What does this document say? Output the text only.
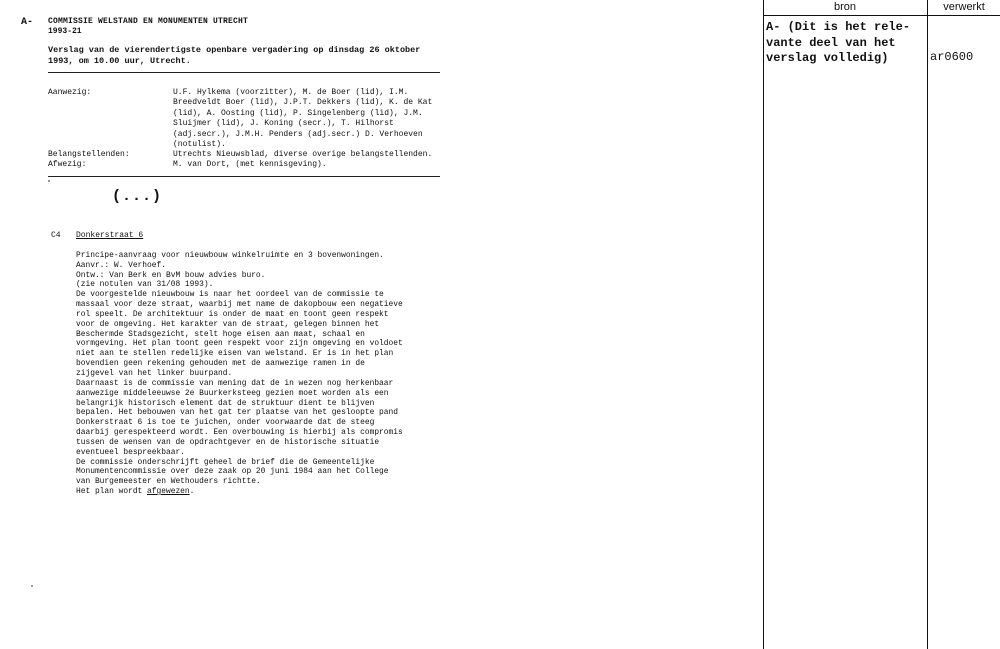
A- COMMISSIE WELSTAND EN MONUMENTEN UTRECHT
1993-21
Verslag van de vierendertigste openbare vergadering op dinsdag 26 oktober 1993, om 10.00 uur, Utrecht.
Aanwezig:	U.F. Hylkema (voorzitter), M. de Boer (lid), I.M.
Breedveldt Boer (lid), J.P.T. Dekkers (lid), K. de Kat
(lid), A. Oosting (lid), P. Singelenberg (lid), J.M.
Sluijmer (lid), J. Koning (secr.), T. Hilhorst
(adj.secr.), J.M.H. Penders (adj.secr.) D. Verhoeven
(notulist).
Belangstellenden:	Utrechts Nieuwsblad, diverse overige belangstellenden.
Afwezig:	M. van Dort, (met kennisgeving).
(...)
C4 Donkerstraat 6

Principe-aanvraag voor nieuwbouw winkelruimte en 3 bovenwoningen.
Aanvr.: W. Verhoef.
Ontw.: Van Berk en BvM bouw advies buro.
(zie notulen van 31/08 1993).
De voorgestelde nieuwbouw is naar het oordeel van de commissie te
massaal voor deze straat, waarbij met name de dakopbouw een negatieve
rol speelt. De architektuur is onder de maat en toont geen respekt
voor de omgeving. Het karakter van de straat, gelegen binnen het
Beschermde Stadsgezicht, stelt hoge eisen aan maat, schaal en
vormgeving. Het plan toont geen respekt voor zijn omgeving en voldoet
niet aan te stellen redelijke eisen van welstand. Er is in het plan
bovendien geen rekening gehouden met de aanwezige ramen in de
zijgevel van het linker buurpand.
Daarnaast is de commissie van mening dat de in wezen nog herkenbaar
aanwezige middeleeuwse 2e Buurkerksteeg gezien moet worden als een
belangrijk historisch element dat de struktuur dient te blijven
bepalen. Het bebouwen van het gat ter plaatse van het gesloopte pand
Donkerstraat 6 is toe te juichen, onder voorwaarde dat de steeg
daarbij gerespekteerd wordt. Een overbouwing is hierbij als compromis
tussen de wensen van de opdrachtgever en de historische situatie
eventueel bespreekbaar.
De commissie onderschrijft geheel de brief die de Gemeentelijke
Monumentencommissie over deze zaak op 20 juni 1984 aan het College
van Burgemeester en Wethouders richtte.
Het plan wordt afgewezen.

bron	verwerkt
A- (Dit is het rele-
vante deel van het
verslag volledig)	ar0600
